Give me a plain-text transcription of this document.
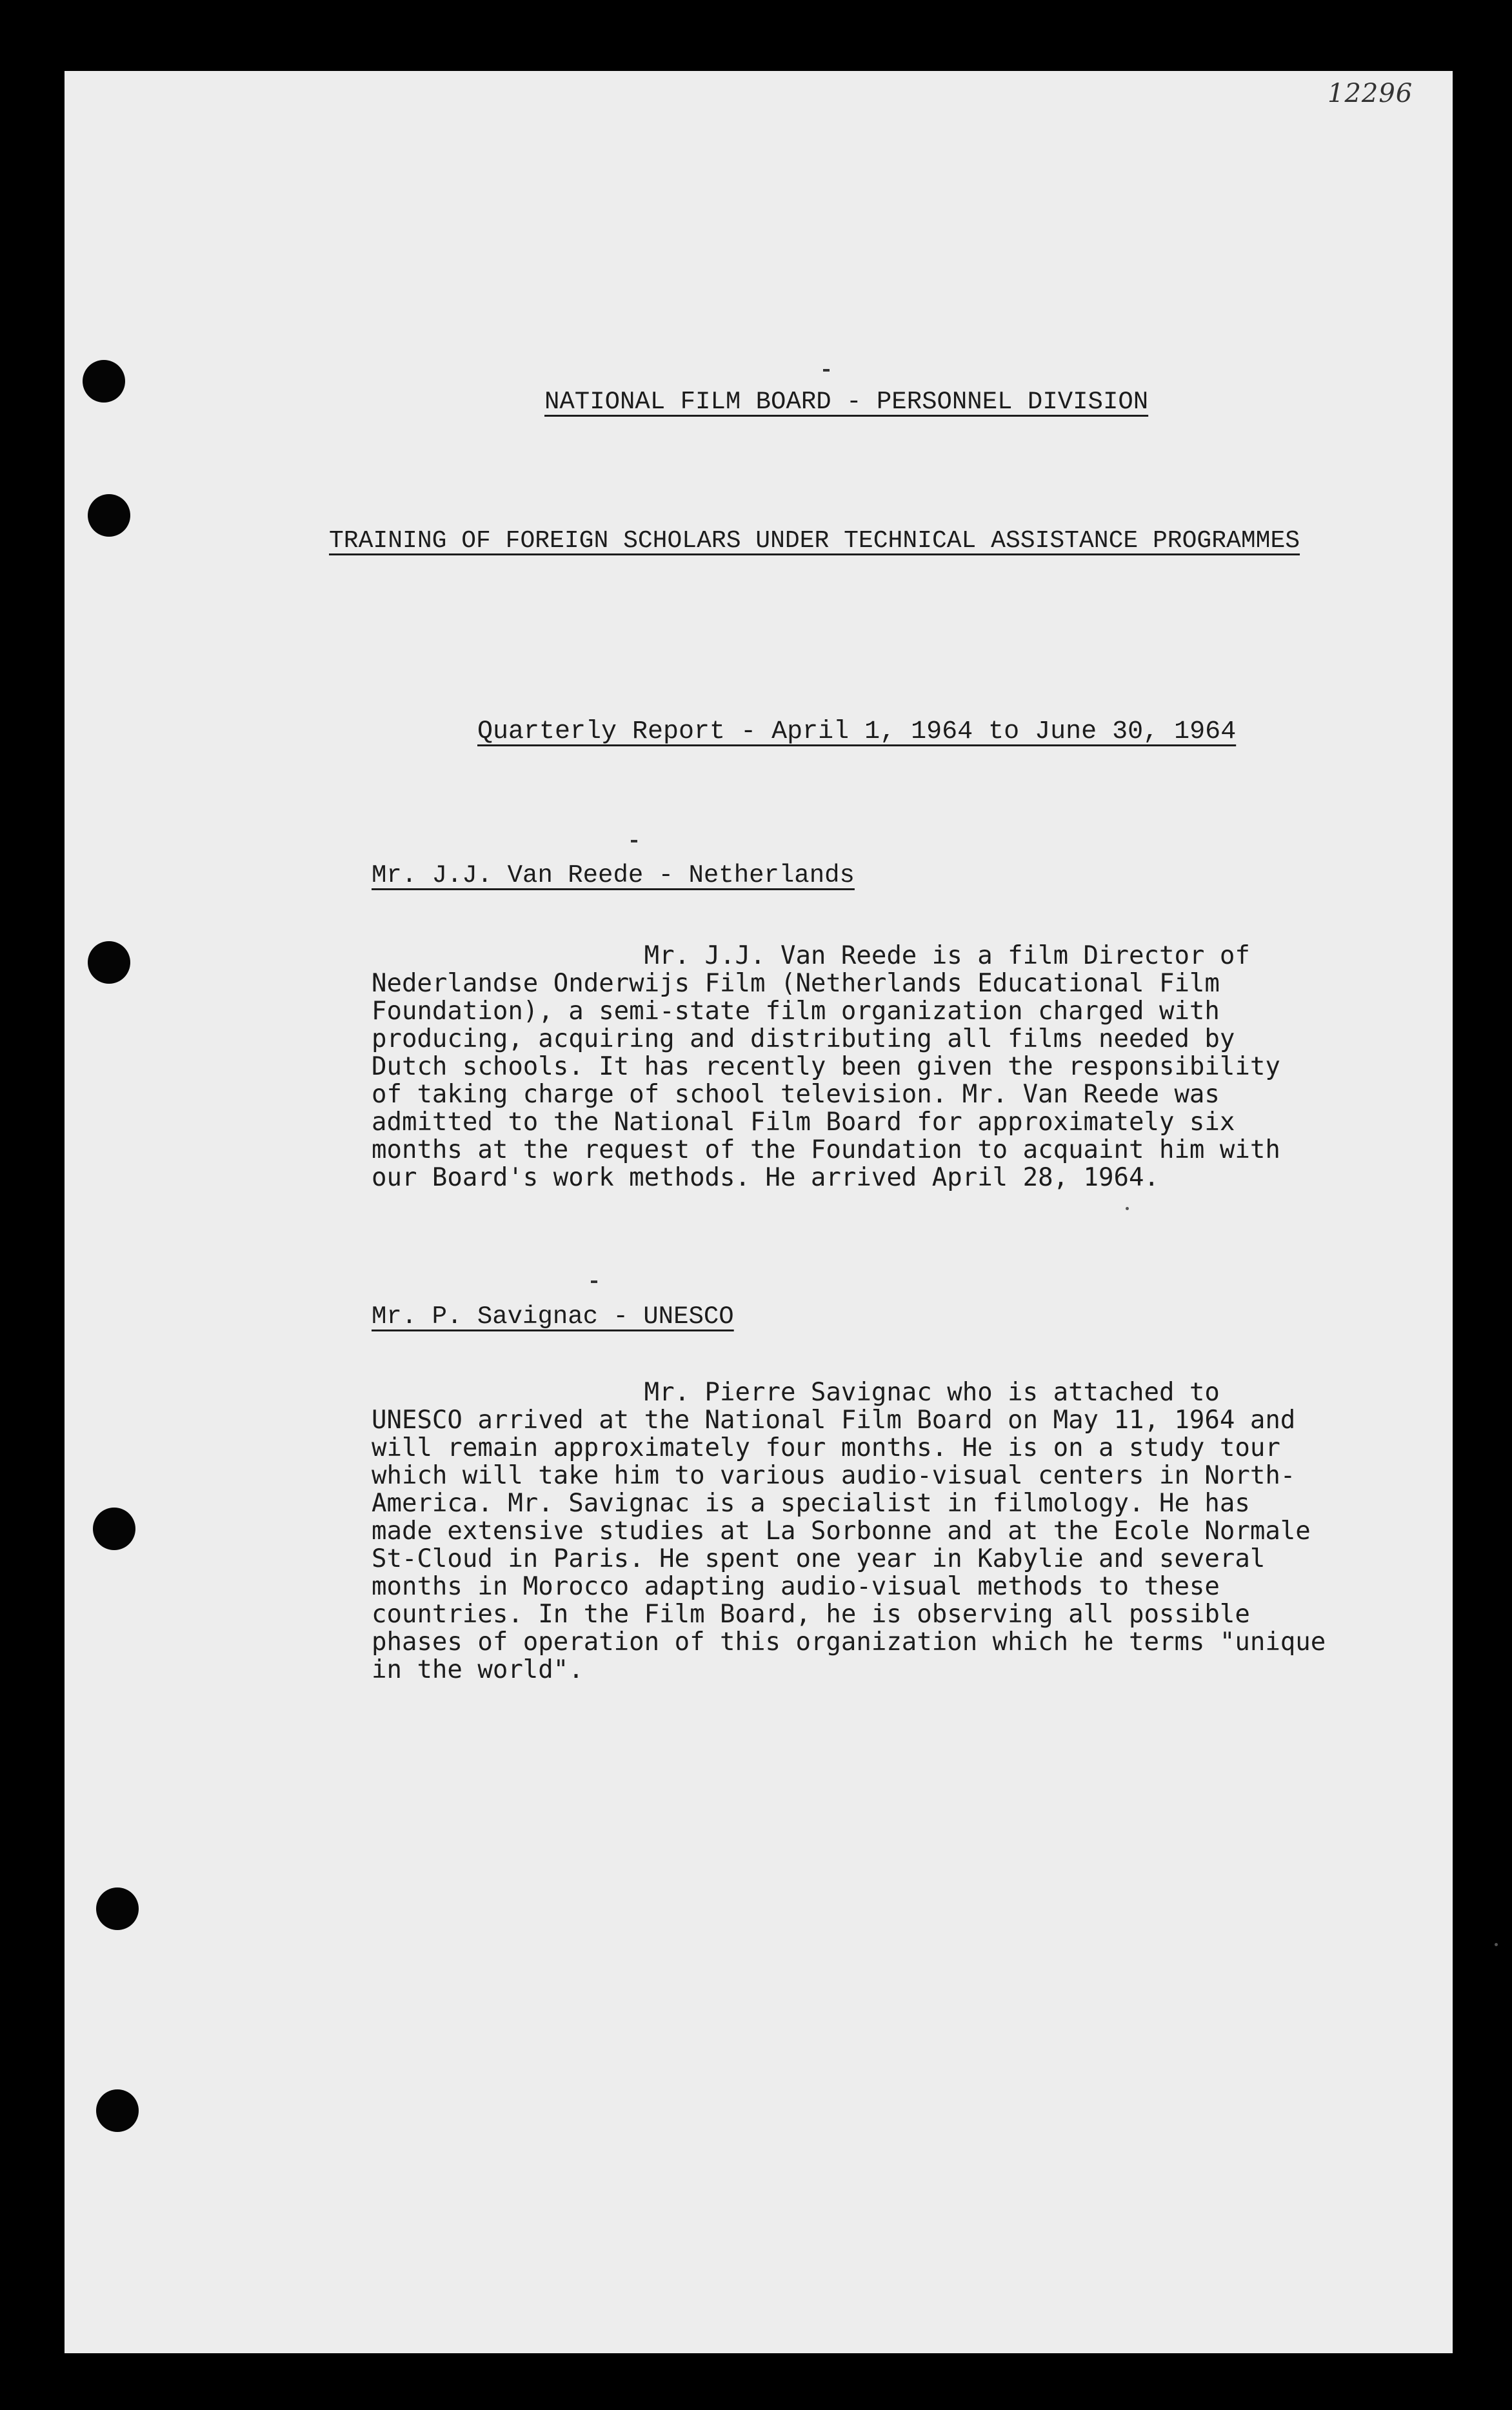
12296
NATIONAL FILM BOARD - PERSONNEL DIVISION
TRAINING OF FOREIGN SCHOLARS UNDER TECHNICAL ASSISTANCE PROGRAMMES
Quarterly Report - April 1, 1964 to June 30, 1964
Mr. J.J. Van Reede - Netherlands
Mr. J.J. Van Reede is a film Director of
Nederlandse Onderwijs Film (Netherlands Educational Film
Foundation), a semi-state film organization charged with
producing, acquiring and distributing all films needed by
Dutch schools. It has recently been given the responsibility
of taking charge of school television. Mr. Van Reede was
admitted to the National Film Board for approximately six
months at the request of the Foundation to acquaint him with
our Board's work methods. He arrived April 28, 1964.
Mr. P. Savignac - UNESCO
Mr. Pierre Savignac who is attached to
UNESCO arrived at the National Film Board on May 11, 1964 and
will remain approximately four months. He is on a study tour
which will take him to various audio-visual centers in North-
America. Mr. Savignac is a specialist in filmology. He has
made extensive studies at La Sorbonne and at the Ecole Normale
St-Cloud in Paris. He spent one year in Kabylie and several
months in Morocco adapting audio-visual methods to these
countries. In the Film Board, he is observing all possible
phases of operation of this organization which he terms "unique
in the world".
